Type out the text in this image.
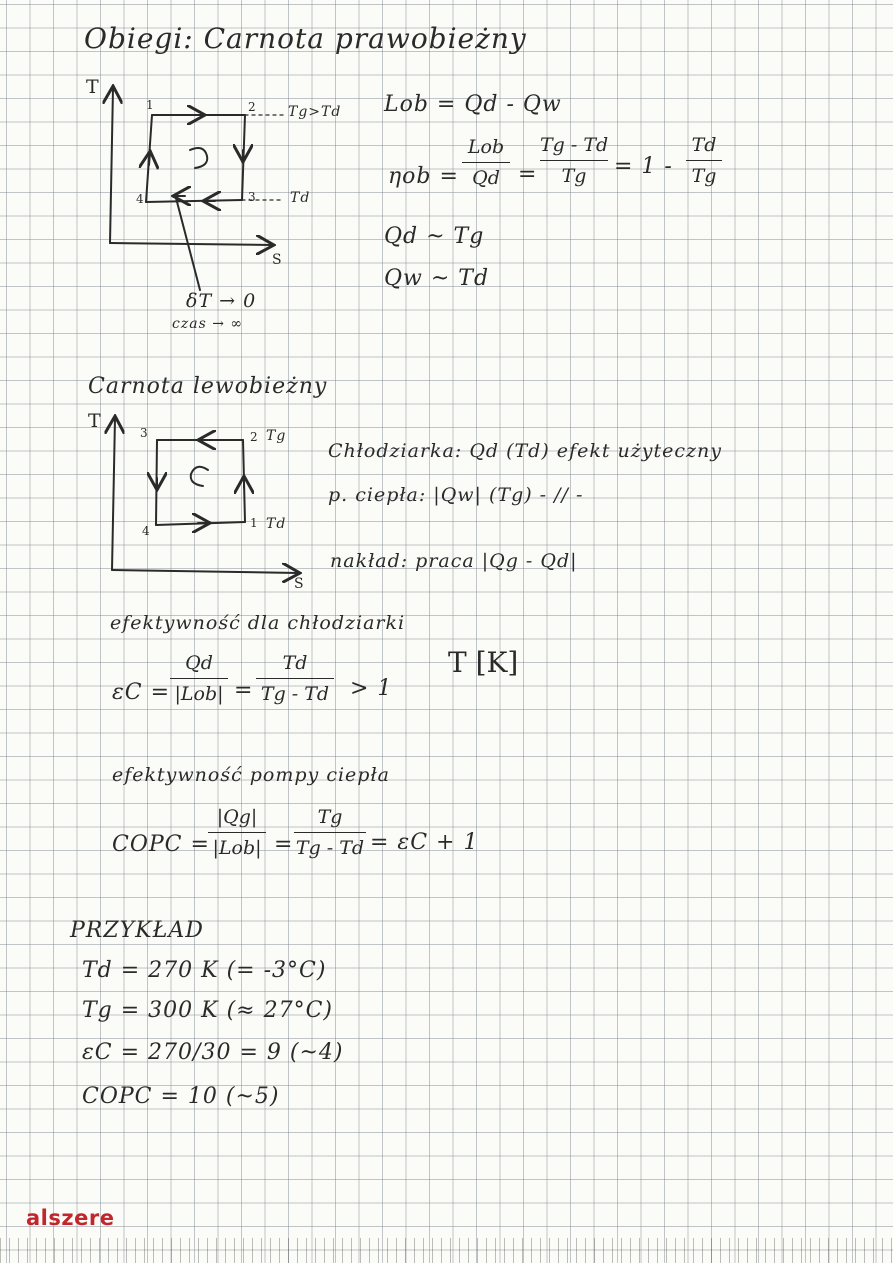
Obiegi: Carnota prawobieżny
T
S
1	2
3
4
Tg>Td
Td
δT → 0
czas → ∞
Lob = Qd - Qw
ηob =
Lob
Qd =
Tg - Td
Tg	= 1 -
Td
Tg
Qd ~ Tg
Qw ~ Td
Carnota lewobieżny
T
S
3	2
4
1
Tg
Td
Chłodziarka: Qd (Td) efekt użyteczny
p. ciepła: |Qw| (Tg) - // -
nakład: praca |Qg - Qd|
efektywność dla chłodziarki
εC =
Qd
|Lob| =
Td
Tg - Td > 1
T [K]
efektywność pompy ciepła
COPC =
|Qg|
|Lob| =
Tg
Tg - Td = εC + 1
PRZYKŁAD
Td = 270 K (= -3°C)
Tg = 300 K (≈ 27°C)
εC = 270/30 = 9 (~4)
COPC = 10 (~5)
alszere
